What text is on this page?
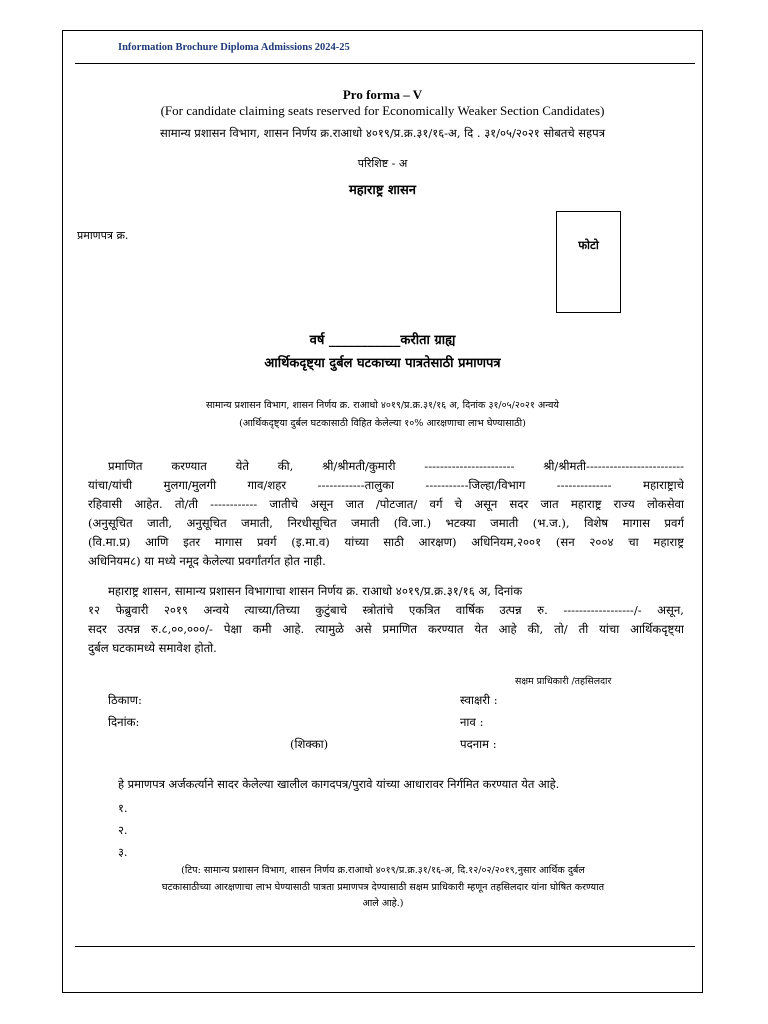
Information Brochure Diploma Admissions 2024-25
Pro forma – V
(For candidate claiming seats reserved for Economically Weaker Section Candidates)
सामान्य प्रशासन विभाग, शासन निर्णय क्र.राआधो ४०१९/प्र.क्र.३१/१६-अ, दि . ३१/०५/२०२१ सोबतचे सहपत्र
परिशिष्ट - अ
महाराष्ट्र शासन
प्रमाणपत्र क्र.
फोटो
वर्ष ___________करीता ग्राह्य
आर्थिकदृष्ट्या दुर्बल घटकाच्या पात्रतेसाठी प्रमाणपत्र
सामान्य प्रशासन विभाग, शासन निर्णय क्र. राआधो ४०१९/प्र.क्र.३१/१६ अ, दिनांक ३१/०५/२०२१ अन्वये
(आर्थिकदृष्ट्या दुर्बल घटकासाठी विहित केलेल्या १०% आरक्षणाचा लाभ घेण्यासाठी)
प्रमाणित करण्यात येते की, श्री/श्रीमती/कुमारी ----------------------- श्री/श्रीमती-------------------------
यांचा/यांची मुलगा/मुलगी गाव/शहर ------------तालुका -----------जिल्हा/विभाग -------------- महाराष्ट्राचे
रहिवासी आहेत. तो/ती ------------ जातीचे असून जात /पोटजात/ वर्ग चे असून सदर जात महाराष्ट्र राज्य लोकसेवा
(अनुसूचित जाती, अनुसूचित जमाती, निरधीसूचित जमाती (वि.जा.) भटक्या जमाती (भ.ज.), विशेष मागास प्रवर्ग
(वि.मा.प्र) आणि इतर मागास प्रवर्ग (इ.मा.व) यांच्या साठी आरक्षण) अधिनियम,२००१ (सन २००४ चा महाराष्ट्र
अधिनियम८) या मध्ये नमूद केलेल्या प्रवर्गांतर्गत होत नाही.
महाराष्ट्र शासन, सामान्य प्रशासन विभागाचा शासन निर्णय क्र. राआधो ४०१९/प्र.क्र.३१/१६ अ, दिनांक
१२ फेब्रुवारी २०१९ अन्वये त्याच्या/तिच्या कुटुंबाचे स्त्रोतांचे एकत्रित वार्षिक उत्पन्न रु. ------------------/- असून,
सदर उत्पन्न रु.८,००,०००/- पेक्षा कमी आहे. त्यामुळे असे प्रमाणित करण्यात येत आहे की, तो/ ती यांचा आर्थिकदृष्ट्या
दुर्बल घटकामध्ये समावेश होतो.
सक्षम प्राधिकारी /तहसिलदार
ठिकाण:
दिनांक:
(शिक्का)
स्वाक्षरी :
नाव :
पदनाम :
हे प्रमाणपत्र अर्जकर्त्याने सादर केलेल्या खालील कागदपत्र/पुरावे यांच्या आधारावर निर्गमित करण्यात येत आहे.
१.
२.
३.
(टिप: सामान्य प्रशासन विभाग, शासन निर्णय क्र.राआधो ४०१९/प्र.क्र.३१/१६-अ, दि.१२/०२/२०१९,नुसार आर्थिक दुर्बल
घटकासाठीच्या आरक्षणाचा लाभ घेण्यासाठी पात्रता प्रमाणपत्र देण्यासाठी सक्षम प्राधिकारी म्हणून तहसिलदार यांना घोषित करण्यात
आले आहे.)
